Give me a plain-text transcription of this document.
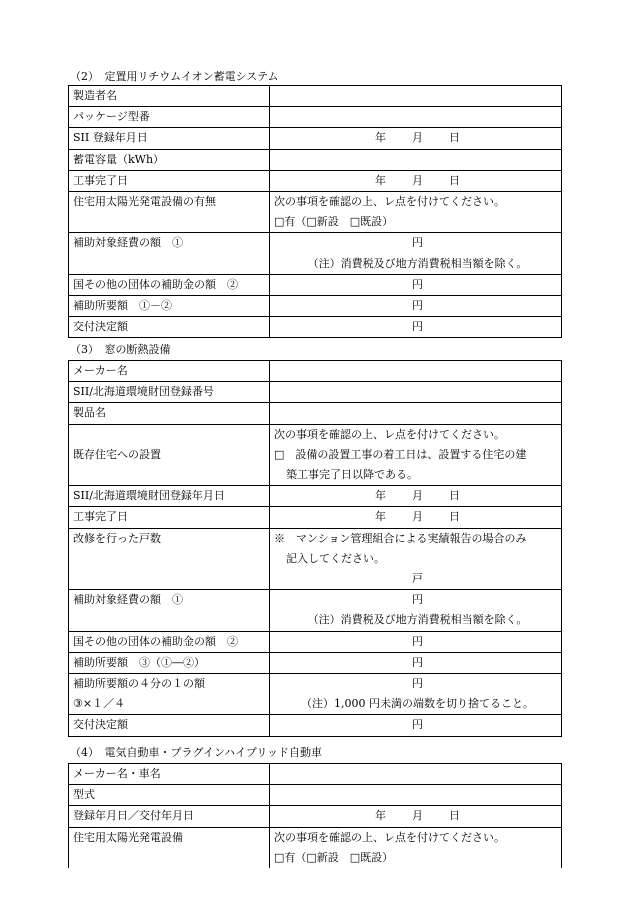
（2）　定置用リチウムイオン蓄電システム
製造者名	
パッケージ型番	
SII 登録年月日	年 月 日

蓄電容量（kWh）	
工事完了日	年 月 日

住宅用太陽光発電設備の有無	次の事項を確認の上、レ点を付けてください。
□有（□新設　□既設）

補助対象経費の額　①	円
（注）消費税及び地方消費税相当額を除く。

国その他の団体の補助金の額　②	円

補助所要額　①－②	円

交付決定額	円
（3）　窓の断熱設備
メーカー名	
SII/北海道環境財団登録番号	
製品名	
既存住宅への設置	次の事項を確認の上、レ点を付けてください。
□　設備の設置工事の着工日は、設置する住宅の建
築工事完了日以降である。

SII/北海道環境財団登録年月日	年 月 日

工事完了日	年 月 日

改修を行った戸数	※　マンション管理組合による実績報告の場合のみ
記入してください。
戸

補助対象経費の額　①	円
（注）消費税及び地方消費税相当額を除く。

国その他の団体の補助金の額　②	円

補助所要額　③（①―②）	円

補助所要額の４分の１の額
③×１／４	円
（注）1,000 円未満の端数を切り捨てること。

交付決定額	円
（4）　電気自動車・プラグインハイブリッド自動車
メーカー名・車名	
型式	
登録年月日／交付年月日	年 月 日

住宅用太陽光発電設備	次の事項を確認の上、レ点を付けてください。
□有（□新設　□既設）
